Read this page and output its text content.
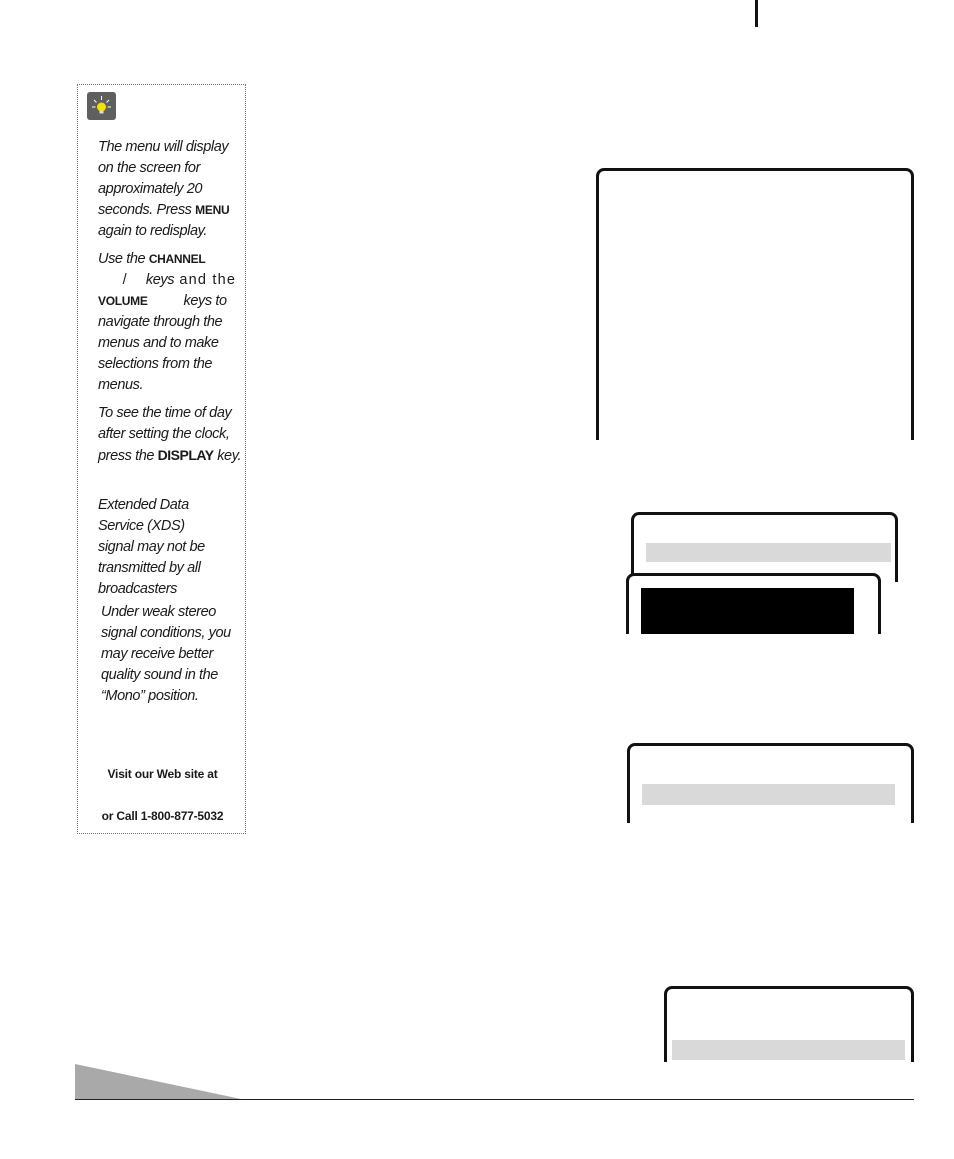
The menu will display on the screen for approximately 20 seconds. Press MENU again to redisplay.
Use the CHANNEL
/ keys and the
VOLUME keys to navigate through the menus and to make selections from the menus.
To see the time of day after setting the clock, press the DISPLAY key.
Extended Data Service (XDS) signal may not be transmitted by all broadcasters
Under weak stereo signal conditions, you may receive better quality sound in the “Mono” position.
Visit our Web site at
or Call 1-800-877-5032
